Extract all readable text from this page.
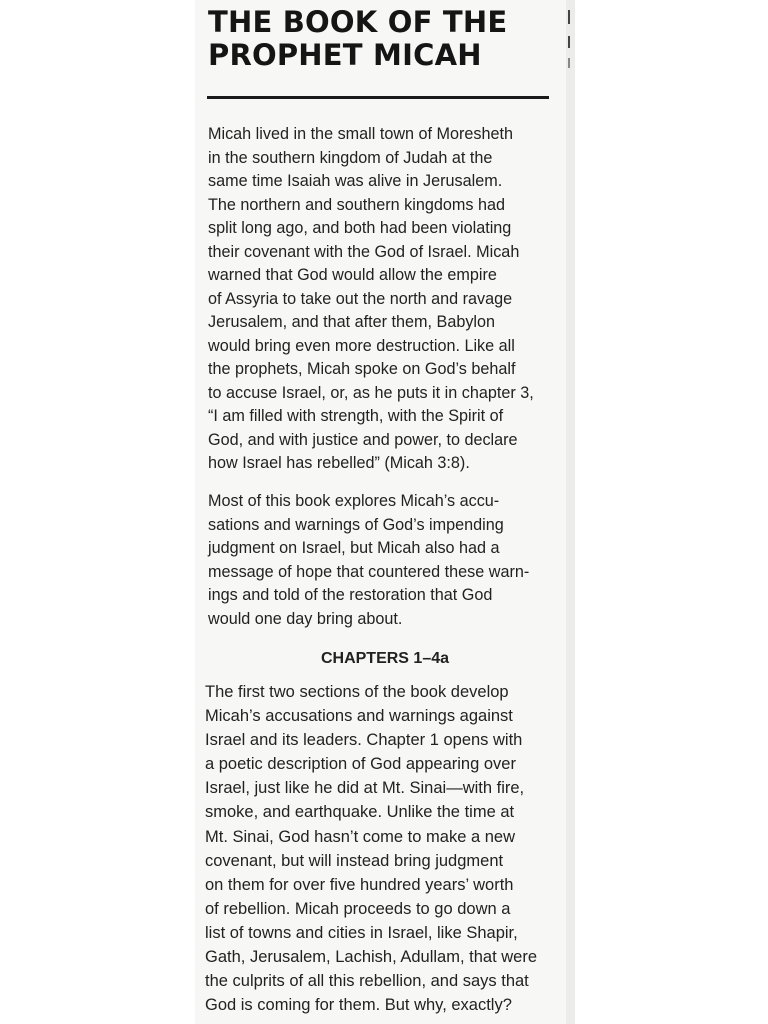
THE BOOK OF THE
PROPHET MICAH

Micah lived in the small town of Moresheth
in the southern kingdom of Judah at the
same time Isaiah was alive in Jerusalem.
The northern and southern kingdoms had
split long ago, and both had been violating
their covenant with the God of Israel. Micah
warned that God would allow the empire
of Assyria to take out the north and ravage
Jerusalem, and that after them, Babylon
would bring even more destruction. Like all
the prophets, Micah spoke on God’s behalf
to accuse Israel, or, as he puts it in chapter 3,
“I am filled with strength, with the Spirit of
God, and with justice and power, to declare
how Israel has rebelled” (Micah 3:8).

Most of this book explores Micah’s accu-
sations and warnings of God’s impending
judgment on Israel, but Micah also had a
message of hope that countered these warn-
ings and told of the restoration that God
would one day bring about.

CHAPTERS 1–4a

The first two sections of the book develop
Micah’s accusations and warnings against
Israel and its leaders. Chapter 1 opens with
a poetic description of God appearing over
Israel, just like he did at Mt. Sinai—with fire,
smoke, and earthquake. Unlike the time at
Mt. Sinai, God hasn’t come to make a new
covenant, but will instead bring judgment
on them for over five hundred years’ worth
of rebellion. Micah proceeds to go down a
list of towns and cities in Israel, like Shapir,
Gath, Jerusalem, Lachish, Adullam, that were
the culprits of all this rebellion, and says that
God is coming for them. But why, exactly?
